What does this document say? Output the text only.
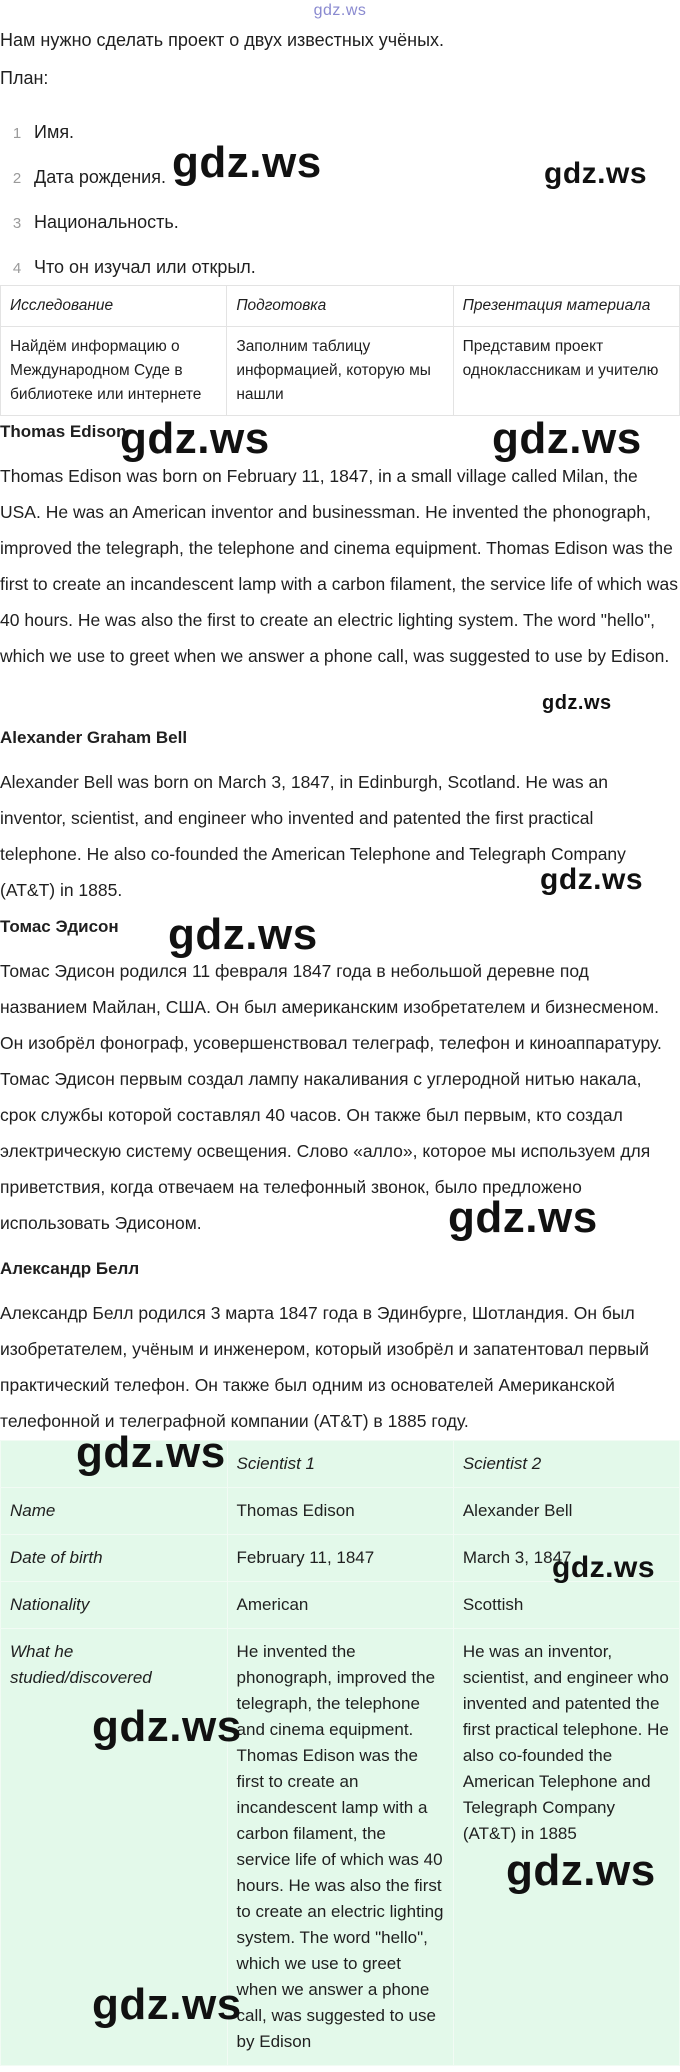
gdz.ws

Нам нужно сделать проект о двух известных учёных.

План:

1 Имя.
2 Дата рождения.
3 Национальность.
4 Что он изучал или открыл.
Исследование	Подготовка	Презентация материала
Найдём информацию о Международном Суде в библиотеке или интернете	Заполним таблицу информацией, которую мы нашли	Представим проект одноклассникам и учителю

Thomas Edison

Thomas Edison was born on February 11, 1847, in a small village called Milan, the USA. He was an American inventor and businessman. He invented the phonograph, improved the telegraph, the telephone and cinema equipment. Thomas Edison was the first to create an incandescent lamp with a carbon filament, the service life of which was 40 hours. He was also the first to create an electric lighting system. The word "hello", which we use to greet when we answer a phone call, was suggested to use by Edison.

Alexander Graham Bell

Alexander Bell was born on March 3, 1847, in Edinburgh, Scotland. He was an inventor, scientist, and engineer who invented and patented the first practical telephone. He also co-founded the American Telephone and Telegraph Company (AT&T) in 1885.

Томас Эдисон

Томас Эдисон родился 11 февраля 1847 года в небольшой деревне под названием Майлан, США. Он был американским изобретателем и бизнесменом. Он изобрёл фонограф, усовершенствовал телеграф, телефон и киноаппаратуру. Томас Эдисон первым создал лампу накаливания с углеродной нитью накала, срок службы которой составлял 40 часов. Он также был первым, кто создал электрическую систему освещения. Слово «алло», которое мы используем для приветствия, когда отвечаем на телефонный звонок, было предложено использовать Эдисоном.

Александр Белл

Александр Белл родился 3 марта 1847 года в Эдинбурге, Шотландия. Он был изобретателем, учёным и инженером, который изобрёл и запатентовал первый практический телефон. Он также был одним из основателей Американской телефонной и телеграфной компании (AT&T) в 1885 году.

	Scientist 1	Scientist 2
Name	Thomas Edison	Alexander Bell
Date of birth	February 11, 1847	March 3, 1847
Nationality	American	Scottish
What he studied/discovered	He invented the phonograph, improved the telegraph, the telephone and cinema equipment. Thomas Edison was the first to create an incandescent lamp with a carbon filament, the service life of which was 40 hours. He was also the first to create an electric lighting system. The word "hello", which we use to greet when we answer a phone call, was suggested to use by Edison	He was an inventor, scientist, and engineer who invented and patented the first practical telephone. He also co-founded the American Telephone and Telegraph Company (AT&T) in 1885
gdz.ws	gdz.ws
gdz.ws	gdz.ws
gdz.ws
gdz.ws
gdz.ws
gdz.ws
gdz.ws
gdz.ws
gdz.ws
gdz.ws
gdz.ws
